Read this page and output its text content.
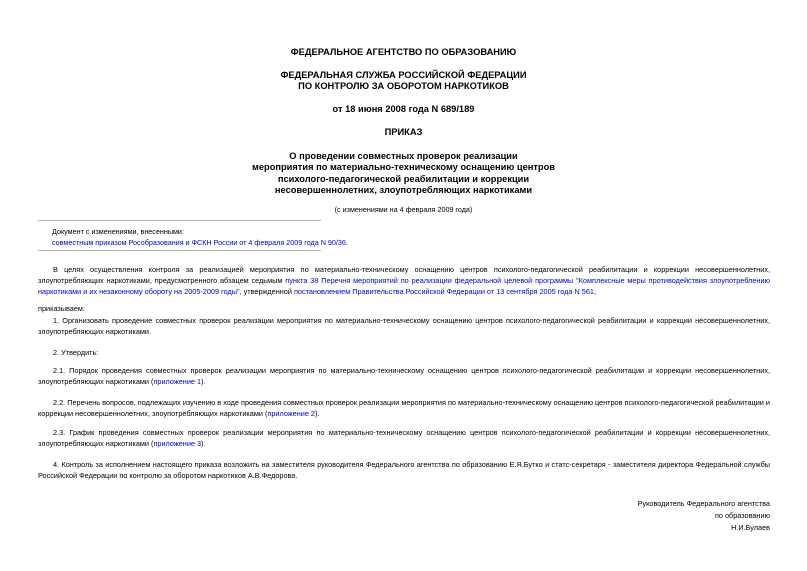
ФЕДЕРАЛЬНОЕ АГЕНТСТВО ПО ОБРАЗОВАНИЮ
ФЕДЕРАЛЬНАЯ СЛУЖБА РОССИЙСКОЙ ФЕДЕРАЦИИ
ПО КОНТРОЛЮ ЗА ОБОРОТОМ НАРКОТИКОВ
от 18 июня 2008 года N 689/189
ПРИКАЗ
О проведении совместных проверок реализации
мероприятия по материально-техническому оснащению центров
психолого-педагогической реабилитации и коррекции
несовершеннолетних, злоупотребляющих наркотиками
(с изменениями на 4 февраля 2009 года)
Документ с изменениями, внесенными:
совместным приказом Рособразования и ФСКН России от 4 февраля 2009 года N 90/36.
В целях осуществления контроля за реализацией мероприятия по материально-техническому оснащению центров психолого-педагогической реабилитации и коррекции несовершеннолетних, злоупотребляющих наркотиками, предусмотренного абзацем седьмым пункта 38 Перечня мероприятий по реализации федеральной целевой программы "Комплексные меры противодействия злоупотреблению наркотиками и их незаконному обороту на 2005-2009 годы", утвержденной постановлением Правительства Российской Федерации от 13 сентября 2005 года N 561,
приказываем:
1. Организовать проведение совместных проверок реализации мероприятия по материально-техническому оснащению центров психолого-педагогической реабилитации и коррекции несовершеннолетних, злоупотребляющих наркотиками.
2. Утвердить:
2.1. Порядок проведения совместных проверок реализации мероприятия по материально-техническому оснащению центров психолого-педагогической реабилитации и коррекции несовершеннолетних, злоупотребляющих наркотиками (приложение 1).
2.2. Перечень вопросов, подлежащих изучению в ходе проведения совместных проверок реализации мероприятия по материально-техническому оснащению центров психолого-педагогической реабилитации и коррекции несовершеннолетних, злоупотребляющих наркотиками (приложение 2).
2.3. График проведения совместных проверок реализации мероприятия по материально-техническому оснащению центров психолого-педагогической реабилитации и коррекции несовершеннолетних, злоупотребляющих наркотиками (приложение 3).
4. Контроль за исполнением настоящего приказа возложить на заместителя руководителя Федерального агентства по образованию Е.Я.Бутко и статс-секретаря - заместителя директора Федеральной службы Российской Федерации по контролю за оборотом наркотиков А.В.Федорова.
Руководитель Федерального агентства
по образованию
Н.И.Булаев
